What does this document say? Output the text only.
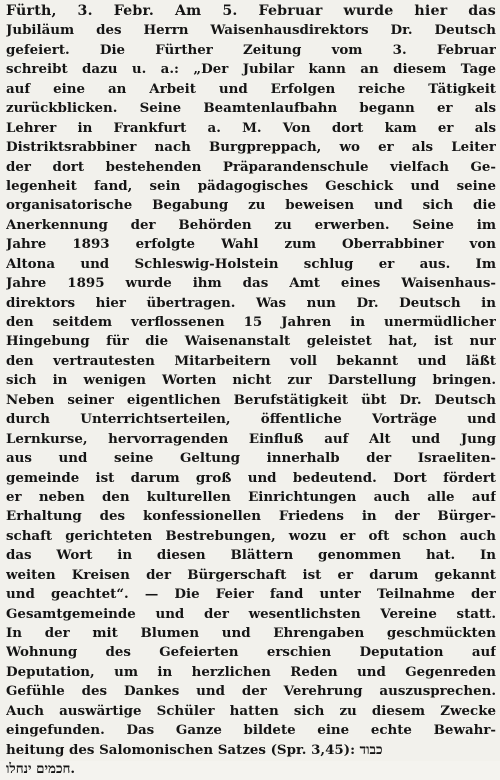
Fürth, 3. Febr. Am 5. Februar wurde hier das
Jubiläum des Herrn Waisenhausdirektors Dr. Deutsch
gefeiert. Die Fürther Zeitung vom 3. Februar
schreibt dazu u. a.: „Der Jubilar kann an diesem Tage
auf eine an Arbeit und Erfolgen reiche Tätigkeit
zurückblicken. Seine Beamtenlaufbahn begann er als
Lehrer in Frankfurt a. M. Von dort kam er als
Distriktsrabbiner nach Burgpreppach, wo er als Leiter
der dort bestehenden Präparandenschule vielfach Ge-
legenheit fand, sein pädagogisches Geschick und seine
organisatorische Begabung zu beweisen und sich die
Anerkennung der Behörden zu erwerben. Seine im
Jahre 1893 erfolgte Wahl zum Oberrabbiner von
Altona und Schleswig-Holstein schlug er aus. Im
Jahre 1895 wurde ihm das Amt eines Waisenhaus-
direktors hier übertragen. Was nun Dr. Deutsch in
den seitdem verflossenen 15 Jahren in unermüdlicher
Hingebung für die Waisenanstalt geleistet hat, ist nur
den vertrautesten Mitarbeitern voll bekannt und läßt
sich in wenigen Worten nicht zur Darstellung bringen.
Neben seiner eigentlichen Berufstätigkeit übt Dr. Deutsch
durch Unterrichtserteilen, öffentliche Vorträge und
Lernkurse, hervorragenden Einfluß auf Alt und Jung
aus und seine Geltung innerhalb der Israeliten-
gemeinde ist darum groß und bedeutend. Dort fördert
er neben den kulturellen Einrichtungen auch alle auf
Erhaltung des konfessionellen Friedens in der Bürger-
schaft gerichteten Bestrebungen, wozu er oft schon auch
das Wort in diesen Blättern genommen hat. In
weiten Kreisen der Bürgerschaft ist er darum gekannt
und geachtet“. — Die Feier fand unter Teilnahme der
Gesamtgemeinde und der wesentlichsten Vereine statt.
In der mit Blumen und Ehrengaben geschmückten
Wohnung des Gefeierten erschien Deputation auf
Deputation, um in herzlichen Reden und Gegenreden
Gefühle des Dankes und der Verehrung auszusprechen.
Auch auswärtige Schüler hatten sich zu diesem Zwecke
eingefunden. Das Ganze bildete eine echte Bewahr-
heitung des Salomonischen Satzes (Spr. 3,45): כבוד
חכמים ינחלו.
